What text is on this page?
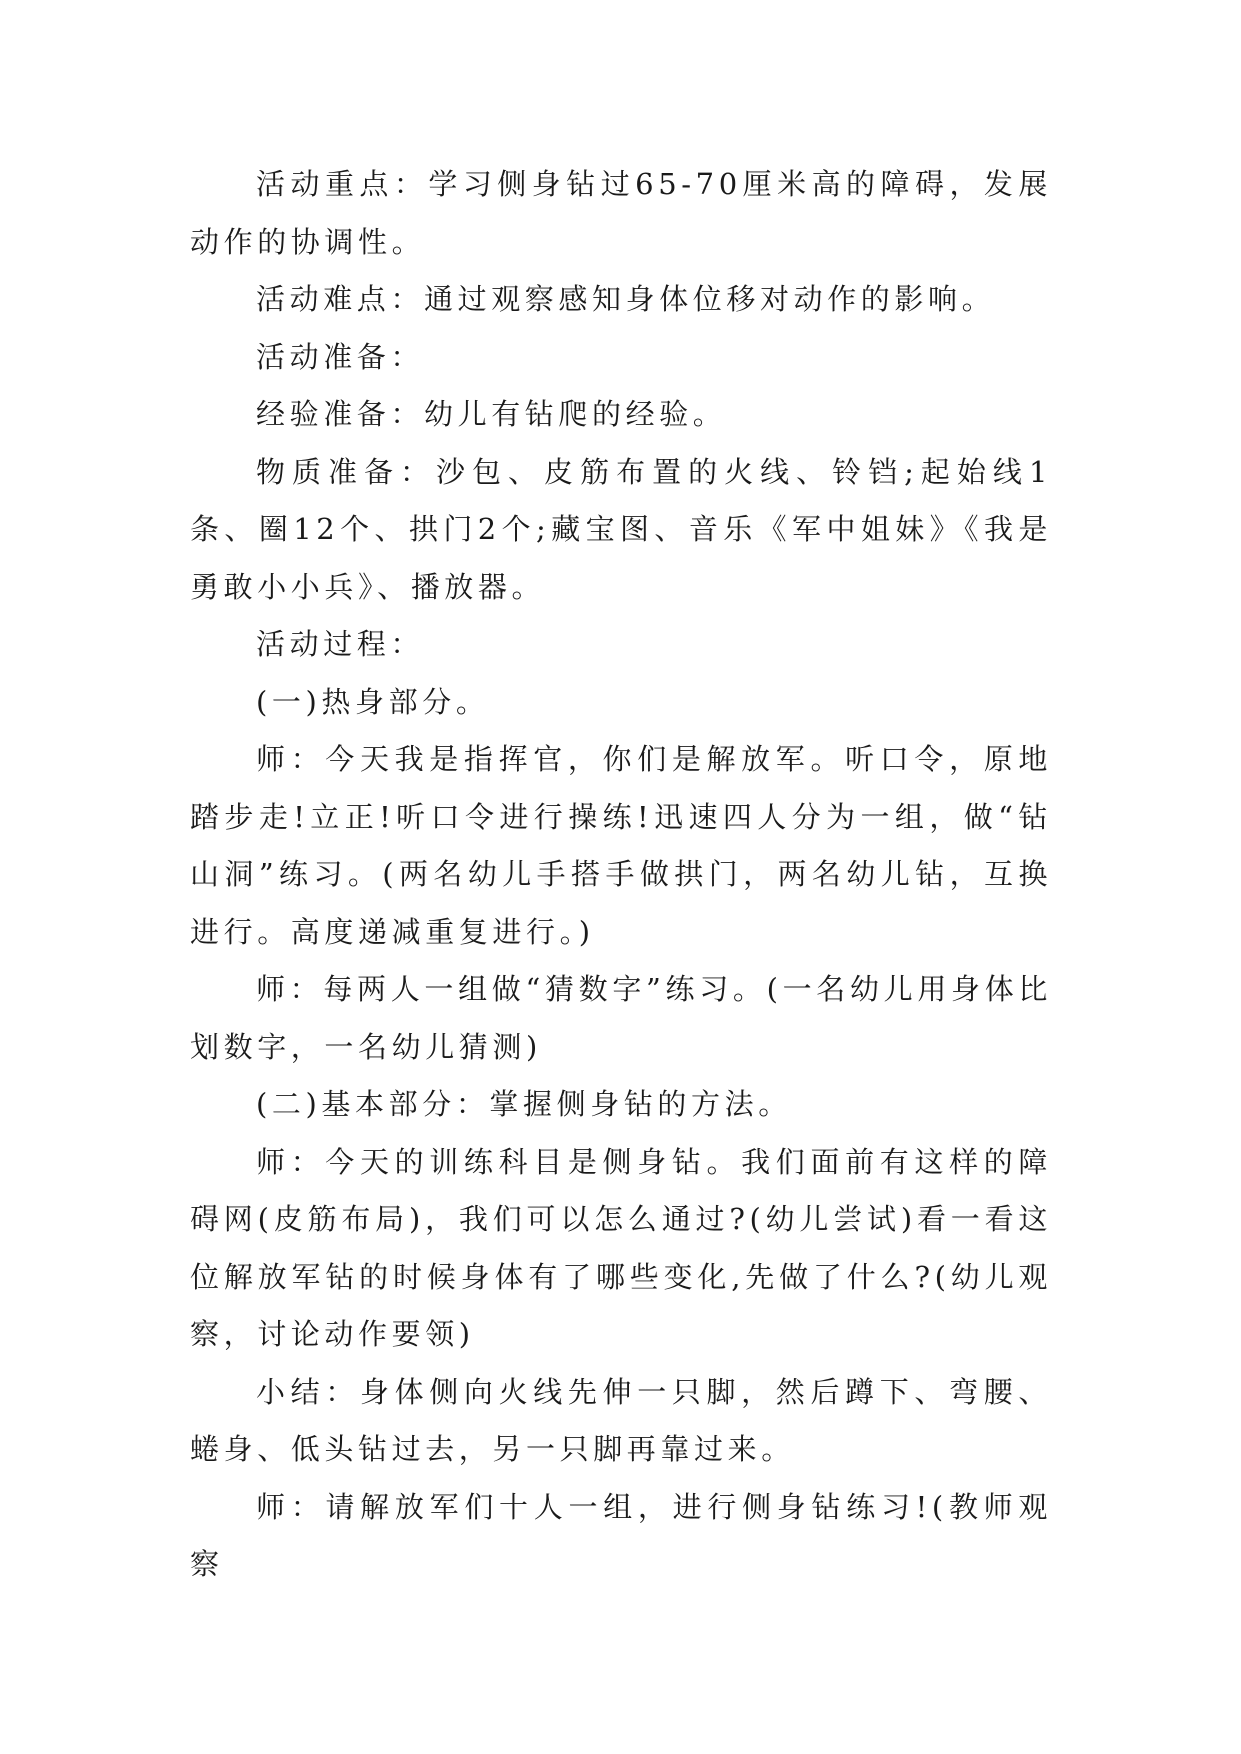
活动重点：学习侧身钻过65-70厘米高的障碍，发展动作的协调性。

活动难点：通过观察感知身体位移对动作的影响。

活动准备：

经验准备：幼儿有钻爬的经验。

物质准备：沙包、皮筋布置的火线、铃铛;起始线1条、圈12个、拱门2个;藏宝图、音乐《军中姐妹》《我是勇敢小小兵》、播放器。

活动过程：

(一)热身部分。

师：今天我是指挥官，你们是解放军。听口令，原地踏步走!立正!听口令进行操练!迅速四人分为一组，做“钻山洞”练习。(两名幼儿手搭手做拱门，两名幼儿钻，互换进行。高度递减重复进行。)

师：每两人一组做“猜数字”练习。(一名幼儿用身体比划数字，一名幼儿猜测)

(二)基本部分：掌握侧身钻的方法。

师：今天的训练科目是侧身钻。我们面前有这样的障碍网(皮筋布局)，我们可以怎么通过?(幼儿尝试)看一看这位解放军钻的时候身体有了哪些变化,先做了什么?(幼儿观察，讨论动作要领)

小结：身体侧向火线先伸一只脚，然后蹲下、弯腰、蜷身、低头钻过去，另一只脚再靠过来。

师：请解放军们十人一组，进行侧身钻练习!(教师观察
